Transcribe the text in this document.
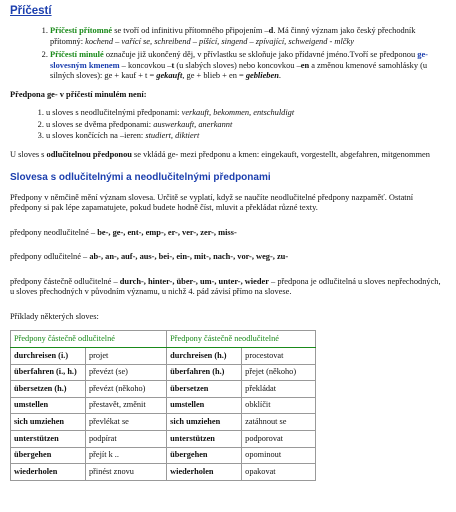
Příčestí
1. Příčestí přítomné se tvoří od infinitivu přítomného připojením –d. Má činný význam jako český přechodník přítomný: kochend – vařící se, schreibend – píšící, singend – zpívající, schweigend - mlčky
2. Příčestí minulé označuje již ukončený děj, v přívlastku se skloňuje jako přídavné jméno.Tvoří se předponou ge- slovesným kmenem – koncovkou –t (u slabých sloves) nebo koncovkou –en a změnou kmenové samohlásky (u silných sloves): ge + kauf + t = gekauft, ge + blieb + en = geblieben.

Předpona ge- v příčestí minulém není:

1. u sloves s neodlučitelnými předponami: verkauft, bekommen, entschuldigt
2. u sloves se dvěma předponami: auswerkauft, anerkannt
3. u sloves končících na –ieren: studiert, diktiert

U sloves s odlučitelnou předponou se vkládá ge- mezi předponu a kmen: eingekauft, vorgestellt, abgefahren, mitgenommen

Slovesa s odlučitelnými a neodlučitelnými předponami

Předpony v němčině mění význam slovesa. Určitě se vyplatí, když se naučíte neodlučitelné předpony nazpaměť. Ostatní předpony si pak lépe zapamatujete, pokud budete hodně číst, mluvit a překládat různé texty.

předpony neodlučitelné – be-, ge-, ent-, emp-, er-, ver-, zer-, miss-

předpony odlučitelné – ab-, an-, auf-, aus-, bei-, ein-, mit-, nach-, vor-, weg-, zu-

předpony částečně odlučitelné – durch-, hinter-, über-, um-, unter-, wieder – předpona je odlučitelná u sloves nepřechodných, u sloves přechodných v původním významu, u nichž 4. pád závisí přímo na slovese.

Příklady některých sloves:

Předpony částečně odlučitelné		Předpony částečně neodlučitelné	
durchreisen (i.)	projet	durchreisen (h.)	procestovat
überfahren (i., h.)	převézt (se)	überfahren (h.)	přejet (někoho)
übersetzen (h.)	převézt (někoho)	übersetzen	překládat
umstellen	přestavět, změnit	umstellen	obklíčit
sich umziehen	převlékat se	sich umziehen	zatáhnout se
unterstützen	podpírat	unterstützen	podporovat
übergehen	přejít k ..	übergehen	opominout
wiederholen	přinést znovu	wiederholen	opakovat
